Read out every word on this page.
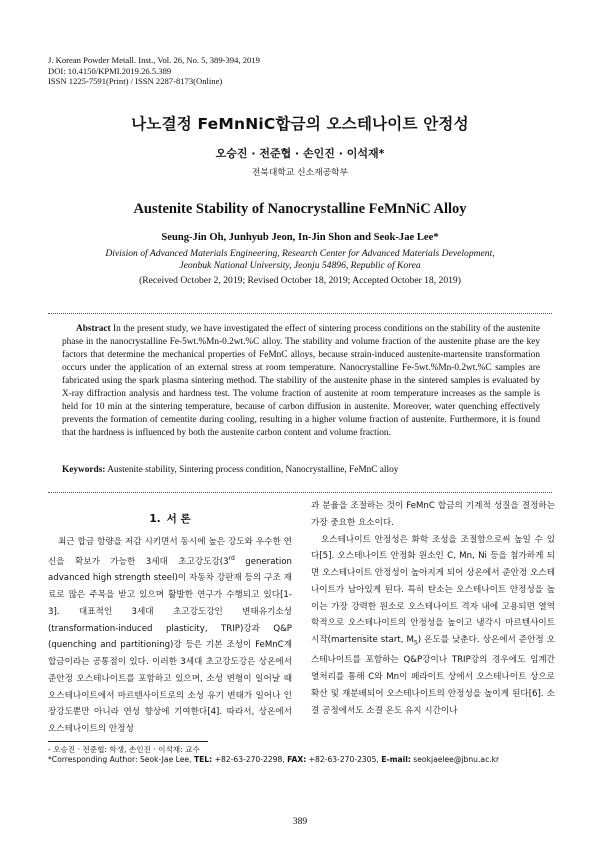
J. Korean Powder Metall. Inst., Vol. 26, No. 5, 389-394, 2019
DOI: 10.4150/KPMI.2019.26.5.389
ISSN 1225-7591(Print) / ISSN 2287-8173(Online)
나노결정 FeMnNiC합금의 오스테나이트 안정성
오승진 · 전준협 · 손인진 · 이석재*
전북대학교 신소재공학부
Austenite Stability of Nanocrystalline FeMnNiC Alloy
Seung-Jin Oh, Junhyub Jeon, In-Jin Shon and Seok-Jae Lee*
Division of Advanced Materials Engineering, Research Center for Advanced Materials Development,
Jeonbuk National University, Jeonju 54896, Republic of Korea
(Received October 2, 2019; Revised October 18, 2019; Accepted October 18, 2019)
Abstract In the present study, we have investigated the effect of sintering process conditions on the stability of the austenite phase in the nanocrystalline Fe-5wt.%Mn-0.2wt.%C alloy. The stability and volume fraction of the austenite phase are the key factors that determine the mechanical properties of FeMnC alloys, because strain-induced austenite-martensite transformation occurs under the application of an external stress at room temperature. Nanocrystalline Fe-5wt.%Mn-0.2wt.%C samples are fabricated using the spark plasma sintering method. The stability of the austenite phase in the sintered samples is evaluated by X-ray diffraction analysis and hardness test. The volume fraction of austenite at room temperature increases as the sample is held for 10 min at the sintering temperature, because of carbon diffusion in austenite. Moreover, water quenching effectively prevents the formation of cementite during cooling, resulting in a higher volume fraction of austenite. Furthermore, it is found that the hardness is influenced by both the austenite carbon content and volume fraction.
Keywords: Austenite stability, Sintering process condition, Nanocrystalline, FeMnC alloy
1. 서 론

최근 합금 함량을 저감 시키면서 동시에 높은 강도와 우수한 연신을 확보가 가능한 3세대 초고강도강(3rd generation advanced high strength steel)이 자동차 강판재 등의 구조 재료로 많은 주목을 받고 있으며 활발한 연구가 수행되고 있다[1-3]. 대표적인 3세대 초고강도강인 변태유기소성(transformation-induced plasticity, TRIP)강과 Q&P (quenching and partitioning)강 등은 기본 조성이 FeMnC계 합금이라는 공통점이 있다. 이러한 3세대 초고강도강은 상온에서 준안정 오스테나이트를 포함하고 있으며, 소성 변형이 일어날 때 오스테나이트에서 마르텐사이트로의 소성 유기 변태가 일어나 인장강도뿐만 아니라 연성 향상에 기여한다[4]. 따라서, 상온에서 오스테나이트의 안정성

과 분율을 조절하는 것이 FeMnC 합금의 기계적 성질을 결정하는 가장 중요한 요소이다.

오스테나이트 안정성은 화학 조성을 조절함으로써 높일 수 있다[5]. 오스테나이트 안정화 원소인 C, Mn, Ni 등을 첨가하게 되면 오스테나이트 안정성이 높아지게 되어 상온에서 준안정 오스테나이트가 남아있게 된다. 특히 탄소는 오스테나이트 안정성을 높이는 가장 강력한 원소로 오스테나이트 격자 내에 고용되면 열역학적으로 오스테나이트의 안정성을 높이고 냉각시 마르텐사이트 시작(martensite start, $M_S$) 온도를 낮춘다. 상온에서 준안정 오스테나이트를 포함하는 Q&P강이나 TRIP강의 경우에도 임계간 열처리를 통해 C와 Mn이 페라이트 상에서 오스테나이트 상으로 확산 및 재분배되어 오스테나이트의 안정성을 높이게 된다[6]. 소결 공정에서도 소결 온도 유지 시간이나

- 오승진 · 전준협: 학생, 손인진 · 이석재: 교수
*Corresponding Author: Seok-Jae Lee, TEL: +82-63-270-2298, FAX: +82-63-270-2305, E-mail: seokjaelee@jbnu.ac.kr
389
